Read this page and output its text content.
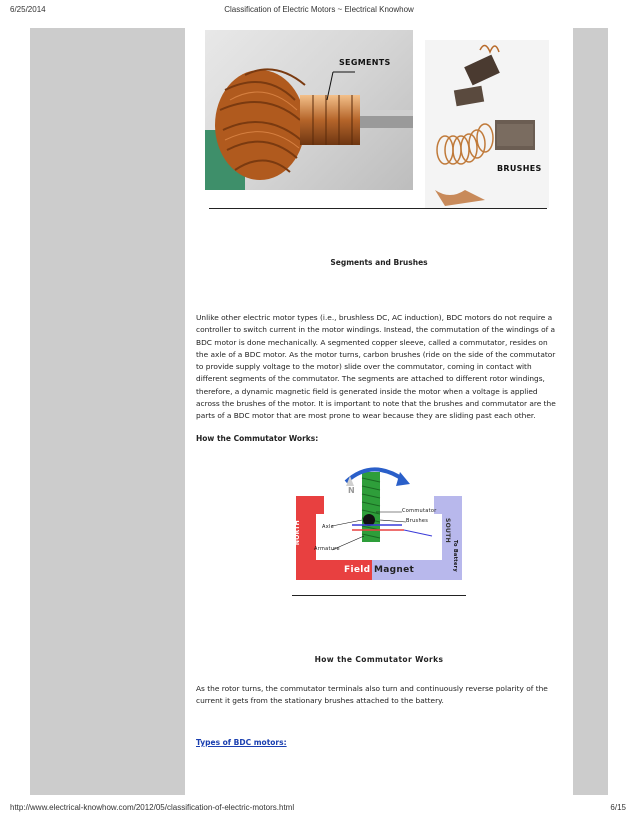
6/25/2014	Classification of Electric Motors ~ Electrical Knowhow
SEGMENTS
BRUSHES
Segments and Brushes
Unlike other electric motor types (i.e., brushless DC, AC induction), BDC motors do not require a controller to switch current in the motor windings. Instead, the commutation of the windings of a BDC motor is done mechanically. A segmented copper sleeve, called a commutator, resides on the axle of a BDC motor. As the motor turns, carbon brushes (ride on the side of the commutator to provide supply voltage to the motor) slide over the commutator, coming in contact with different segments of the commutator. The segments are attached to different rotor windings, therefore, a dynamic magnetic field is generated inside the motor when a voltage is applied across the brushes of the motor. It is important to note that the brushes and commutator are the parts of a BDC motor that are most prone to wear because they are sliding past each other.
How the Commutator Works:
NORTH	SOUTH
N
Commutator
Brushes
Axle
Armature	To Battery
Field Magnet
How the Commutator Works
As the rotor turns, the commutator terminals also turn and continuously reverse polarity of the current it gets from the stationary brushes attached to the battery.
Types of BDC motors:
http://www.electrical-knowhow.com/2012/05/classification-of-electric-motors.html	6/15
